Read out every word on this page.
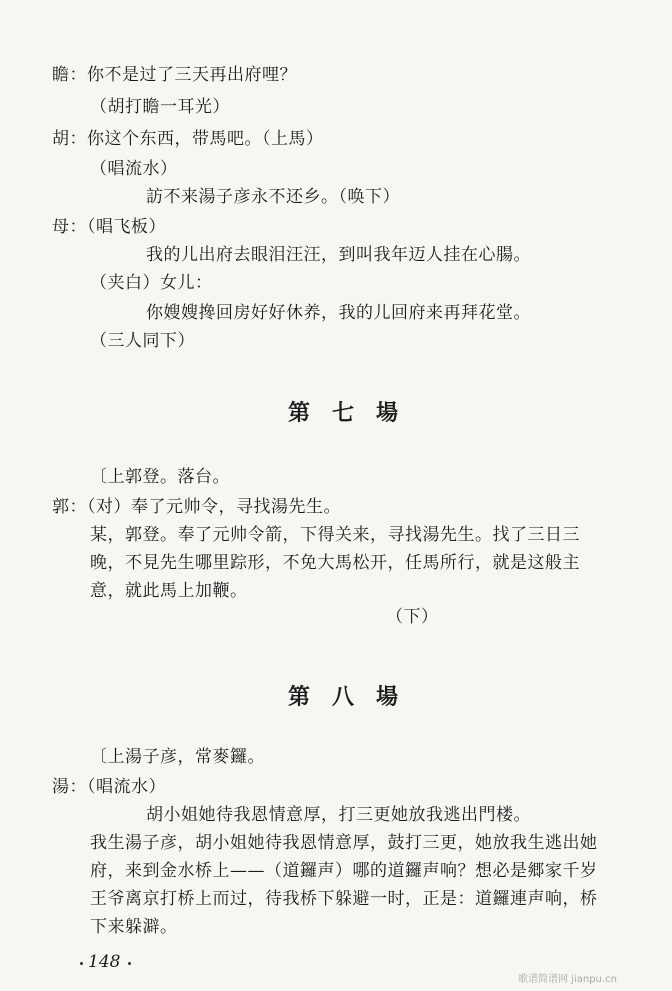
瞻：你不是过了三天再出府哩？
（胡打瞻一耳光）
胡：你这个东西，带馬吧。（上馬）
（唱流水）
訪不来湯子彦永不还乡。（唤下）
母：（唱飞板）
我的儿出府去眼泪汪汪，到叫我年迈人挂在心腸。
（夹白）女儿：
你嫂嫂搀回房好好休养，我的儿回府来再拜花堂。
（三人同下）
第七場
〔上郭登。落台。
郭：（对）奉了元帅令，寻找湯先生。
某，郭登。奉了元帅令箭，下得关来，寻找湯先生。找了三日三
晚，不見先生哪里踪形，不免大馬松开，任馬所行，就是这般主
意，就此馬上加鞭。
（下）
第八場
〔上湯子彦，常麥鑼。
湯：（唱流水）
胡小姐她待我恩情意厚，打三更她放我逃出門楼。
我生湯子彦，胡小姐她待我恩情意厚，鼓打三更，她放我生逃出她
府，来到金水桥上——（道鑼声）哪的道鑼声响？想必是郷家千岁
王爷离京打桥上而过，待我桥下躲避一时，正是：道鑼連声响，桥
下来躲澼。
148
歌谱简谱网 jianpu.cn
